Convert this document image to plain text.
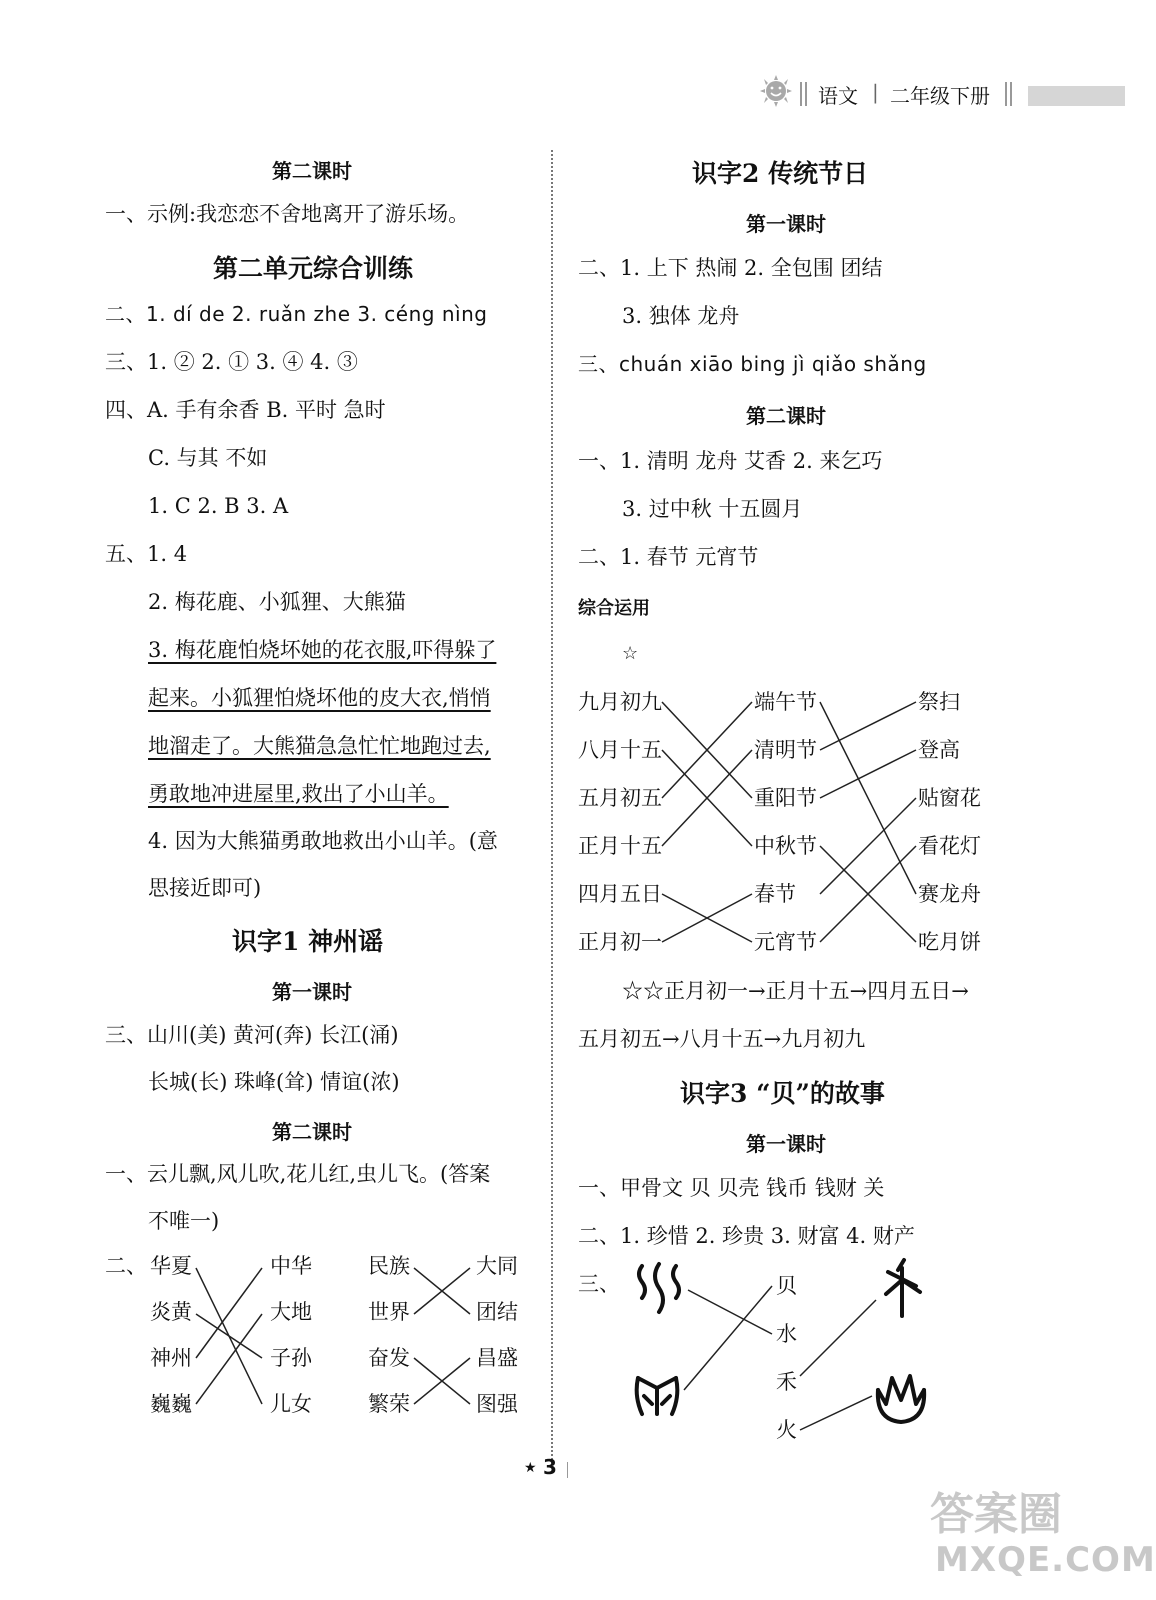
语文 | 二年级下册
第二课时
一、示例:我恋恋不舍地离开了游乐场。
第二单元综合训练
二、1. dí de 2. ruǎn zhe 3. céng nìng
三、1. ② 2. ① 3. ④ 4. ③
四、A. 手有余香 B. 平时 急时
C. 与其 不如
1. C 2. B 3. A
五、1. 4
2. 梅花鹿、小狐狸、大熊猫
3. 梅花鹿怕烧坏她的花衣服,吓得躲了
起来。小狐狸怕烧坏他的皮大衣,悄悄
地溜走了。大熊猫急急忙忙地跑过去,
勇敢地冲进屋里,救出了小山羊。
4. 因为大熊猫勇敢地救出小山羊。(意
思接近即可)
识字1 神州谣
第一课时
三、山川(美) 黄河(奔) 长江(涌)
长城(长) 珠峰(耸) 情谊(浓)
第二课时
一、云儿飘,风儿吹,花儿红,虫儿飞。(答案
不唯一)
二、 华夏
炎黄
神州
巍巍
中华
大地
子孙
儿女
民族
世界
奋发
繁荣
大同
团结
昌盛
图强
识字2 传统节日
第一课时
二、1. 上下 热闹 2. 全包围 团结
3. 独体 龙舟
三、chuán xiāo bing jì qiǎo shǎng
第二课时
一、1. 清明 龙舟 艾香 2. 来乞巧
3. 过中秋 十五圆月
二、1. 春节 元宵节
综合运用
☆
九月初九
八月十五
五月初五
正月十五
四月五日
正月初一
端午节
清明节
重阳节
中秋节
春节
元宵节
祭扫
登高
贴窗花
看花灯
赛龙舟
吃月饼
☆☆正月初一→正月十五→四月五日→
五月初五→八月十五→九月初九
识字3 “贝”的故事
第一课时
一、甲骨文 贝 贝壳 钱币 钱财 关
二、1. 珍惜 2. 珍贵 3. 财富 4. 财产
三、	贝
水
禾
火
★ 3
答案圈
MXQE.COM
